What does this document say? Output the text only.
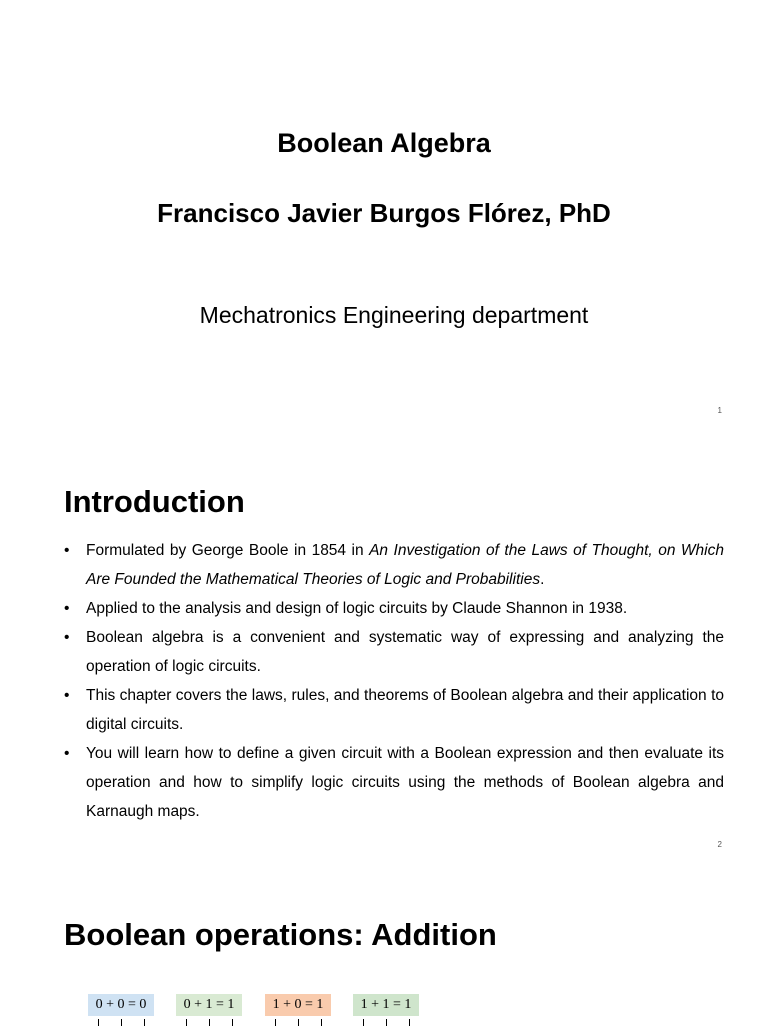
Boolean Algebra
Francisco Javier Burgos Flórez, PhD
Mechatronics Engineering department
1
Introduction
• Formulated by George Boole in 1854 in An Investigation of the Laws of Thought, on Which Are Founded the Mathematical Theories of Logic and Probabilities.
• Applied to the analysis and design of logic circuits by Claude Shannon in 1938.
• Boolean algebra is a convenient and systematic way of expressing and analyzing the operation of logic circuits.
• This chapter covers the laws, rules, and theorems of Boolean algebra and their application to digital circuits.
• You will learn how to define a given circuit with a Boolean expression and then evaluate its operation and how to simplify logic circuits using the methods of Boolean algebra and Karnaugh maps.
2
Boolean operations: Addition
0 + 0 = 0	0 + 1 = 1	1 + 0 = 1	1 + 1 = 1
